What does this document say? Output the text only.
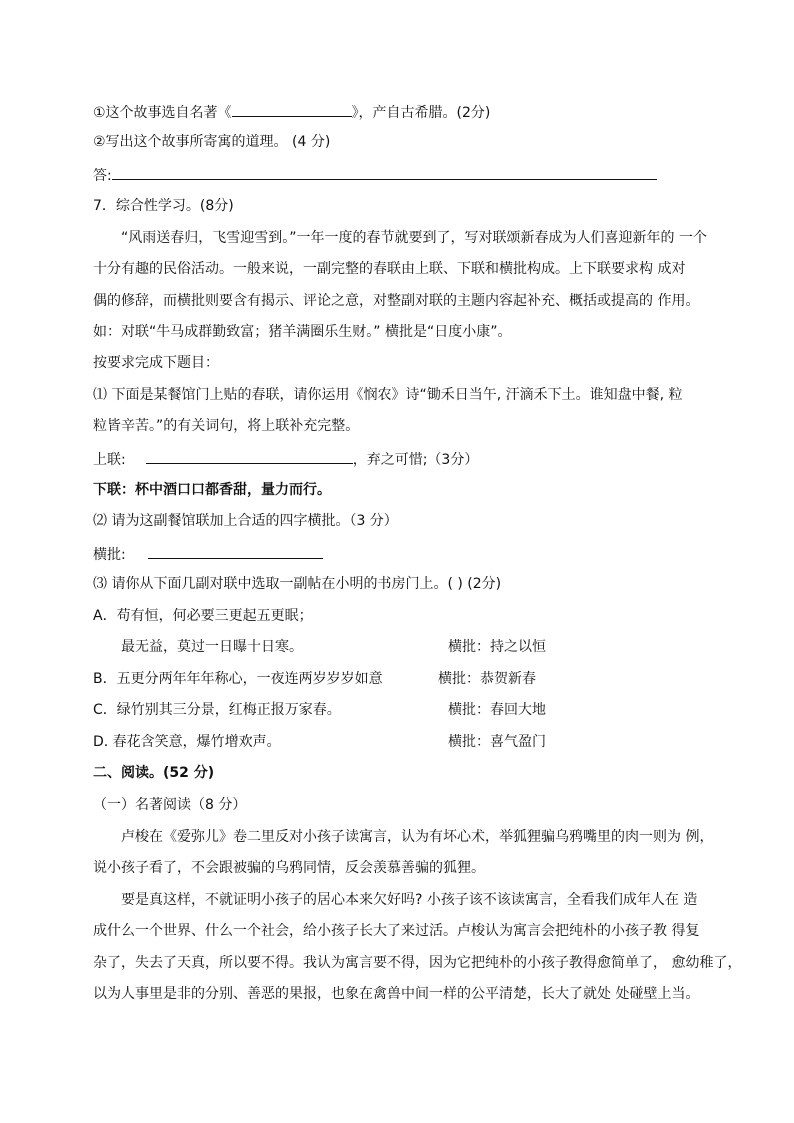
①这个故事选自名著《	》，产自古希腊。(2分)
②写出这个故事所寄寓的道理。 (4 分)
答:
7．综合性学习。(8分)
“风雨送春归，飞雪迎雪到。”一年一度的春节就要到了，写对联颂新春成为人们喜迎新年的 一个
十分有趣的民俗活动。一般来说，一副完整的春联由上联、下联和横批构成。上下联要求构 成对
偶的修辞，而横批则要含有揭示、评论之意，对整副对联的主题内容起补充、概括或提高的 作用。
如：对联“牛马成群勤致富；猪羊满圈乐生财。” 横批是“日度小康”。
按要求完成下题目：
⑴ 下面是某餐馆门上贴的春联，请你运用《悯农》诗“锄禾日当午, 汗滴禾下土。谁知盘中餐, 粒
粒皆辛苦。”的有关词句，将上联补充完整。
上联:	，弃之可惜;（3分）
下联：杯中酒口口都香甜，量力而行。
⑵ 请为这副餐馆联加上合适的四字横批。（3 分）
横批:
⑶ 请你从下面几副对联中选取一副帖在小明的书房门上。( ) (2分)
A．苟有恒，何必要三更起五更眠；
最无益，莫过一日曝十日寒。	横批：持之以恒
B．五更分两年年年称心，一夜连两岁岁岁如意	横批：恭贺新春
C．绿竹别其三分景，红梅正报万家春。	横批：春回大地
D. 春花含笑意，爆竹增欢声。	横批：喜气盈门
二、阅读。(52 分)
（一）名著阅读（8 分）
卢梭在《爱弥儿》卷二里反对小孩子读寓言，认为有坏心术，举狐狸骗乌鸦嘴里的肉一则为 例，
说小孩子看了，不会跟被骗的乌鸦同情，反会羡慕善骗的狐狸。
要是真这样，不就证明小孩子的居心本来欠好吗? 小孩子该不该读寓言，全看我们成年人在 造
成什么一个世界、什么一个社会，给小孩子长大了来过活。卢梭认为寓言会把纯朴的小孩子教 得复
杂了，失去了天真，所以要不得。我认为寓言要不得，因为它把纯朴的小孩子教得愈简单了， 愈幼稚了，
以为人事里是非的分别、善恶的果报，也象在禽兽中间一样的公平清楚，长大了就处 处碰壁上当。
